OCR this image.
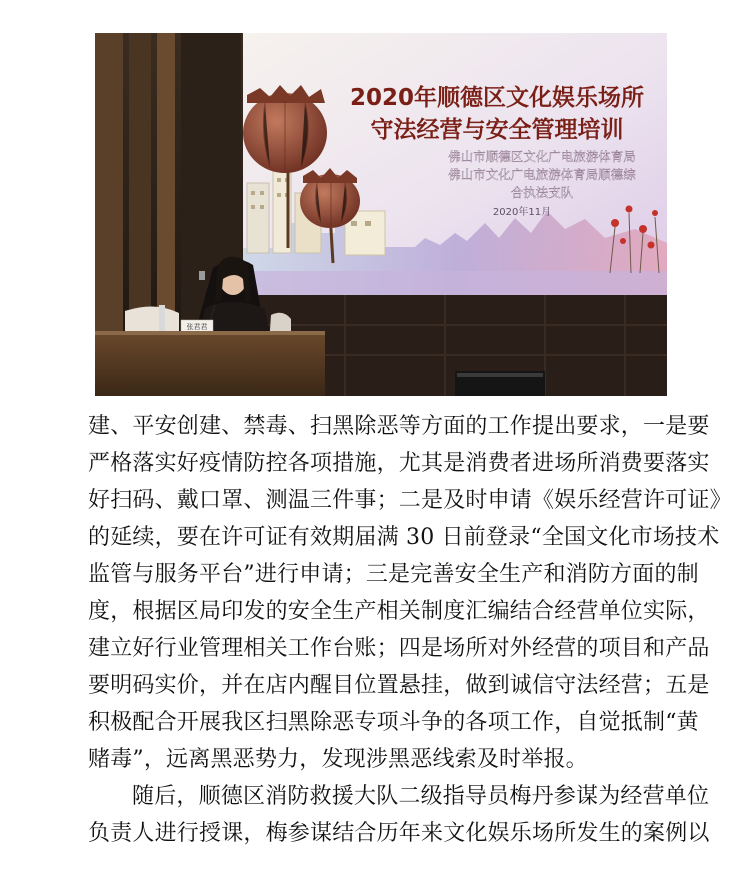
2020年顺德区文化娱乐场所
守法经营与安全管理培训
佛山市顺德区文化广电旅游体育局
佛山市文化广电旅游体育局顺德综
合执法支队
2020年11月
张君君
建、平安创建、禁毒、扫黑除恶等方面的工作提出要求，一是要
严格落实好疫情防控各项措施，尤其是消费者进场所消费要落实
好扫码、戴口罩、测温三件事；二是及时申请《娱乐经营许可证》
的延续，要在许可证有效期届满 30 日前登录“全国文化市场技术
监管与服务平台”进行申请；三是完善安全生产和消防方面的制
度，根据区局印发的安全生产相关制度汇编结合经营单位实际，
建立好行业管理相关工作台账；四是场所对外经营的项目和产品
要明码实价，并在店内醒目位置悬挂，做到诚信守法经营；五是
积极配合开展我区扫黑除恶专项斗争的各项工作，自觉抵制“黄
赌毒”，远离黑恶势力，发现涉黑恶线索及时举报。
随后，顺德区消防救援大队二级指导员梅丹参谋为经营单位
负责人进行授课，梅参谋结合历年来文化娱乐场所发生的案例以
